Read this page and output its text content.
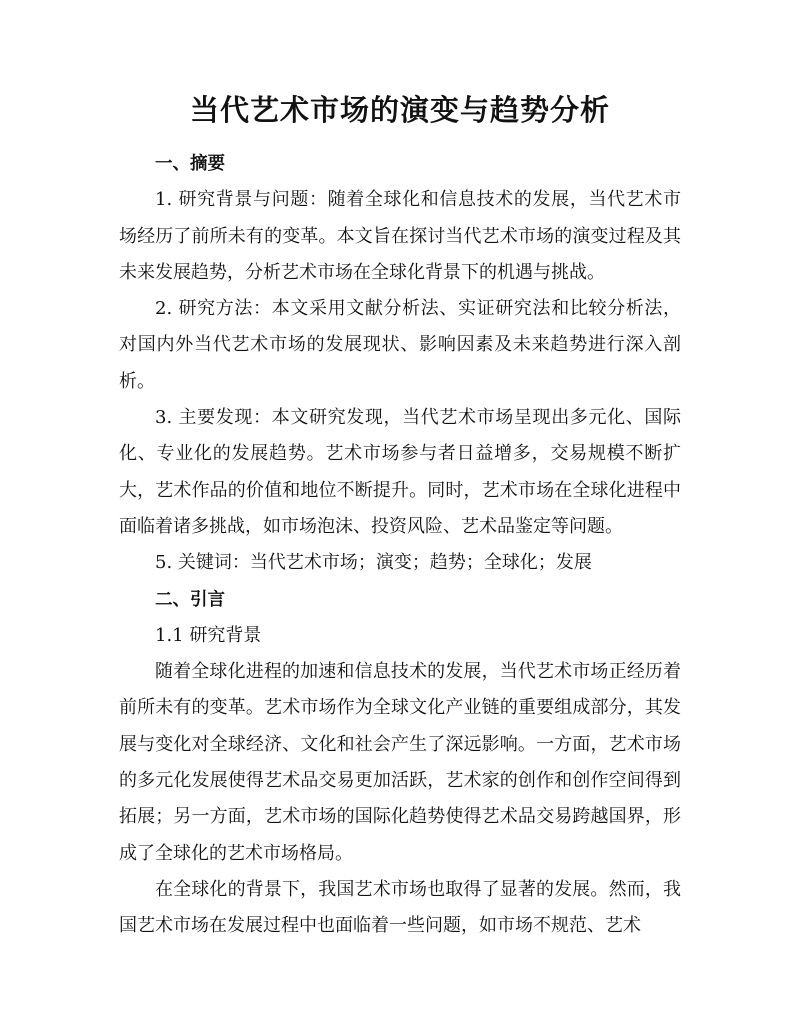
当代艺术市场的演变与趋势分析

一、摘要

1. 研究背景与问题：随着全球化和信息技术的发展，当代艺术市场经历了前所未有的变革。本文旨在探讨当代艺术市场的演变过程及其未来发展趋势，分析艺术市场在全球化背景下的机遇与挑战。

2. 研究方法：本文采用文献分析法、实证研究法和比较分析法，对国内外当代艺术市场的发展现状、影响因素及未来趋势进行深入剖析。

3. 主要发现：本文研究发现，当代艺术市场呈现出多元化、国际化、专业化的发展趋势。艺术市场参与者日益增多，交易规模不断扩大，艺术作品的价值和地位不断提升。同时，艺术市场在全球化进程中面临着诸多挑战，如市场泡沫、投资风险、艺术品鉴定等问题。

5. 关键词：当代艺术市场；演变；趋势；全球化；发展

二、引言

1.1 研究背景

随着全球化进程的加速和信息技术的发展，当代艺术市场正经历着前所未有的变革。艺术市场作为全球文化产业链的重要组成部分，其发展与变化对全球经济、文化和社会产生了深远影响。一方面，艺术市场的多元化发展使得艺术品交易更加活跃，艺术家的创作和创作空间得到拓展；另一方面，艺术市场的国际化趋势使得艺术品交易跨越国界，形成了全球化的艺术市场格局。

在全球化的背景下，我国艺术市场也取得了显著的发展。然而，我国艺术市场在发展过程中也面临着一些问题，如市场不规范、艺术
